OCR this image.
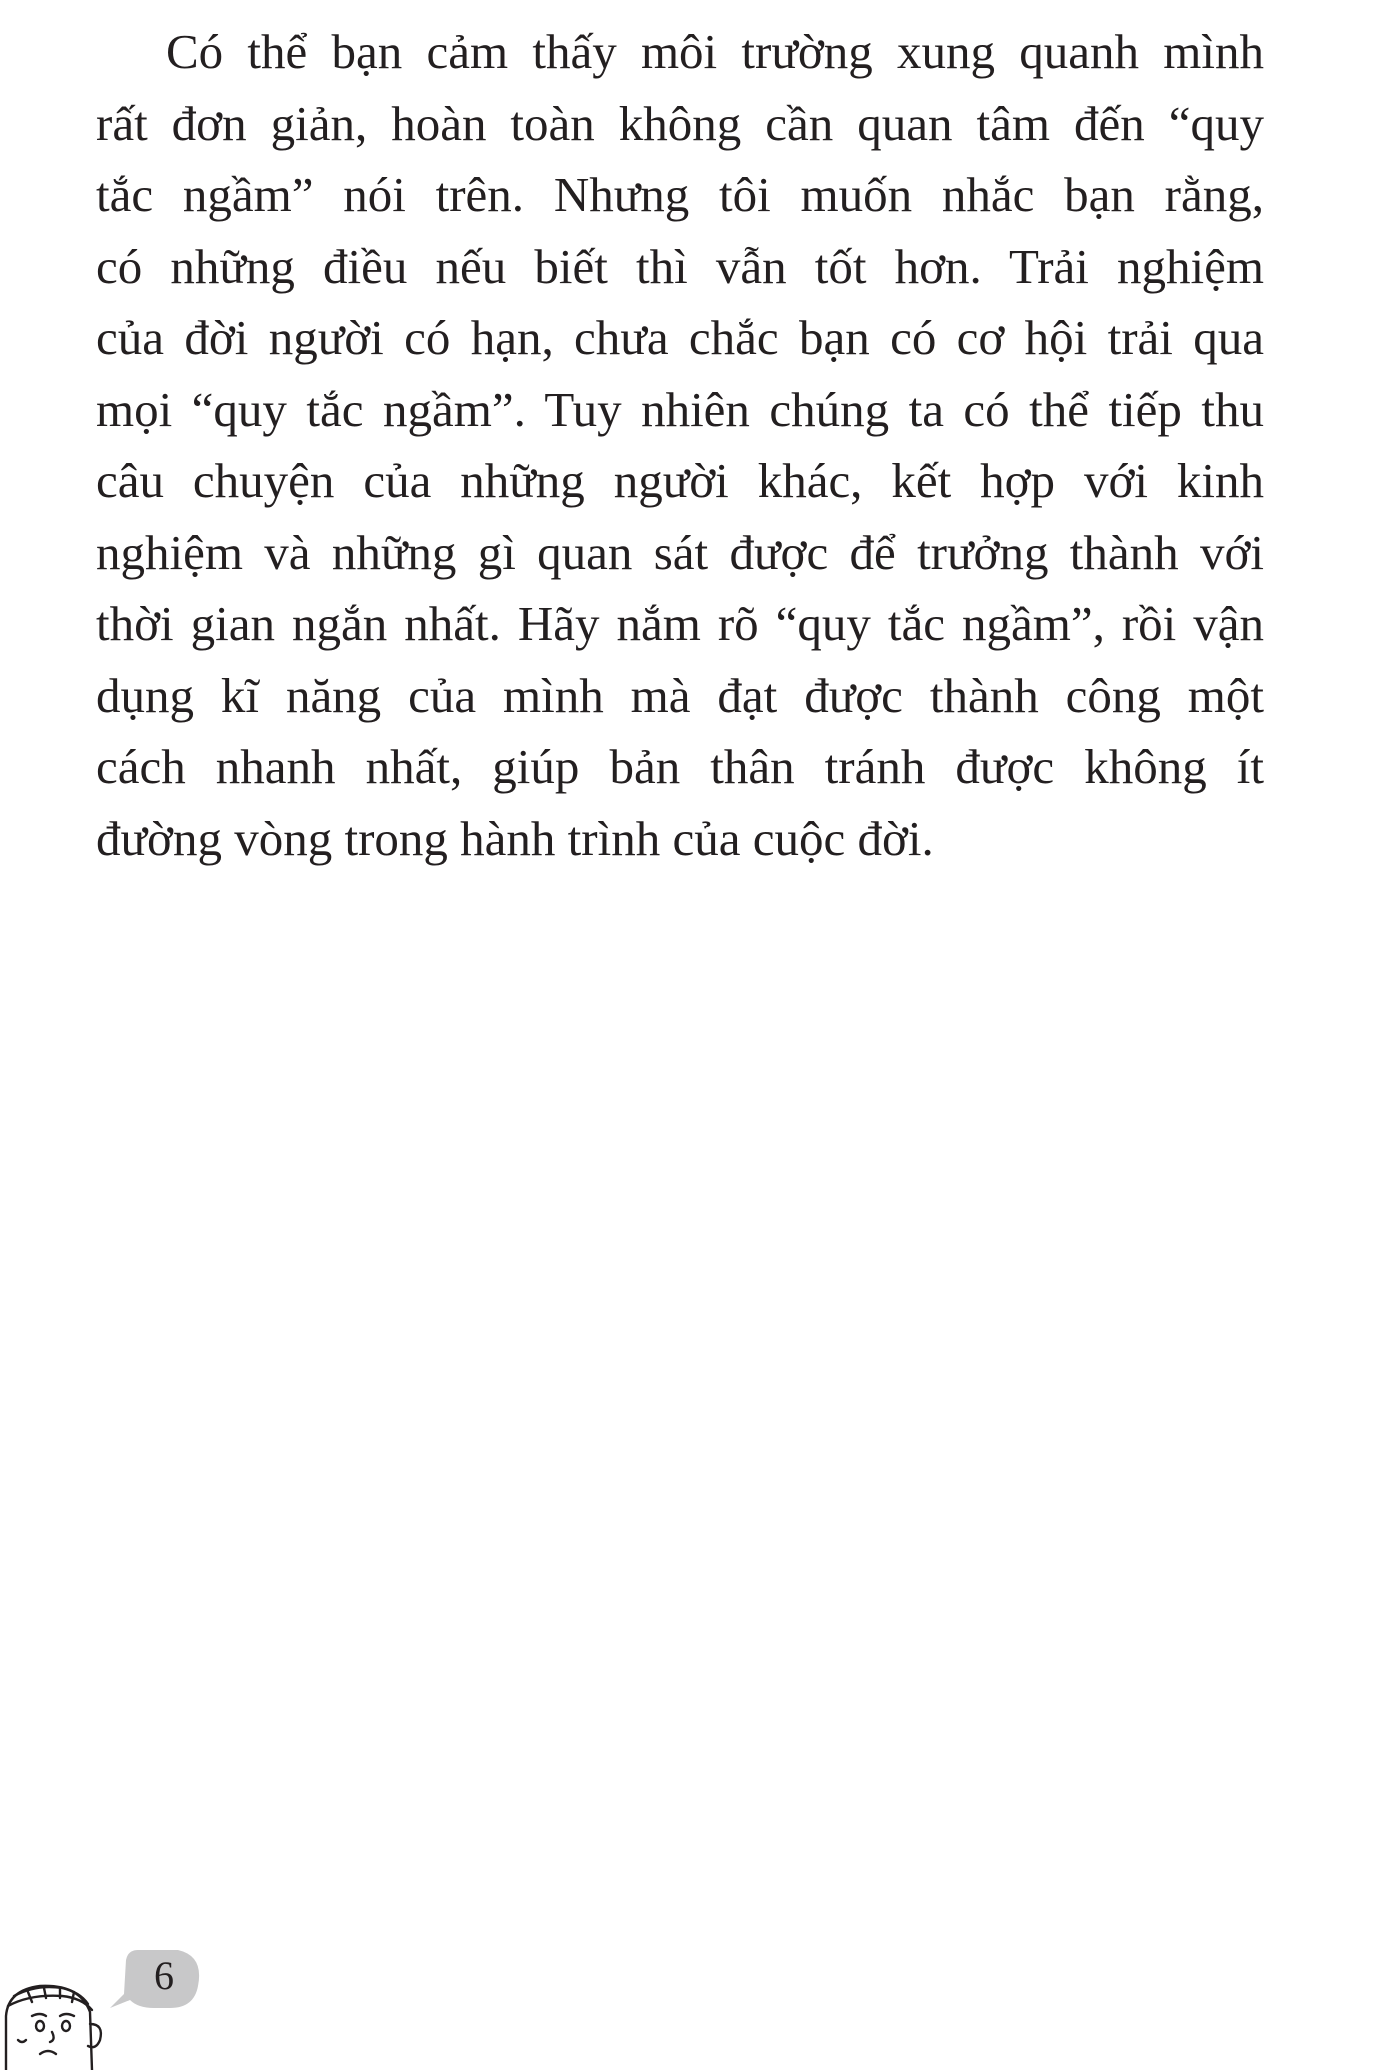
Có thể bạn cảm thấy môi trường xung quanh mình
rất đơn giản, hoàn toàn không cần quan tâm đến “quy
tắc ngầm” nói trên. Nhưng tôi muốn nhắc bạn rằng,
có những điều nếu biết thì vẫn tốt hơn. Trải nghiệm
của đời người có hạn, chưa chắc bạn có cơ hội trải qua
mọi “quy tắc ngầm”. Tuy nhiên chúng ta có thể tiếp thu
câu chuyện của những người khác, kết hợp với kinh
nghiệm và những gì quan sát được để trưởng thành với
thời gian ngắn nhất. Hãy nắm rõ “quy tắc ngầm”, rồi vận
dụng kĩ năng của mình mà đạt được thành công một
cách nhanh nhất, giúp bản thân tránh được không ít
đường vòng trong hành trình của cuộc đời.
6
